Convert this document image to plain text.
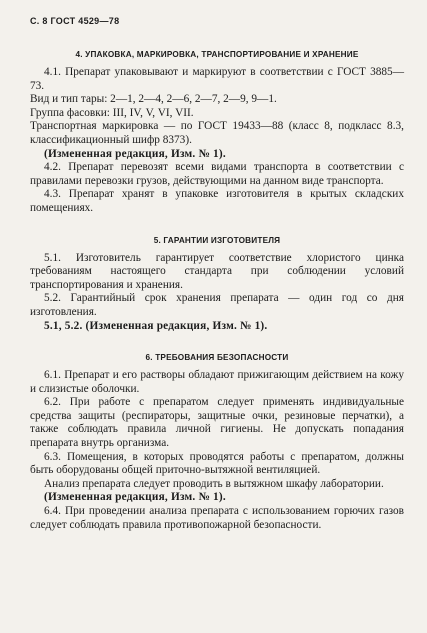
С. 8 ГОСТ 4529—78
4. УПАКОВКА, МАРКИРОВКА, ТРАНСПОРТИРОВАНИЕ И ХРАНЕНИЕ

4.1. Препарат упаковывают и маркируют в соответствии с ГОСТ 3885—73.

Вид и тип тары: 2—1, 2—4, 2—6, 2—7, 2—9, 9—1.

Группа фасовки: III, IV, V, VI, VII.

Транспортная маркировка — по ГОСТ 19433—88 (класс 8, подкласс 8.3, классификационный шифр 8373).

(Измененная редакция, Изм. № 1).

4.2. Препарат перевозят всеми видами транспорта в соответствии с правилами перевозки грузов, действующими на данном виде транспорта.

4.3. Препарат хранят в упаковке изготовителя в крытых складских помещениях.

5. ГАРАНТИИ ИЗГОТОВИТЕЛЯ

5.1. Изготовитель гарантирует соответствие хлористого цинка требованиям настоящего стандарта при соблюдении условий транспортирования и хранения.

5.2. Гарантийный срок хранения препарата — один год со дня изготовления.

5.1, 5.2. (Измененная редакция, Изм. № 1).

6. ТРЕБОВАНИЯ БЕЗОПАСНОСТИ

6.1. Препарат и его растворы обладают прижигающим действием на кожу и слизистые оболочки.

6.2. При работе с препаратом следует применять индивидуальные средства защиты (респираторы, защитные очки, резиновые перчатки), а также соблюдать правила личной гигиены. Не допускать попадания препарата внутрь организма.

6.3. Помещения, в которых проводятся работы с препаратом, должны быть оборудованы общей приточно-вытяжной вентиляцией.

Анализ препарата следует проводить в вытяжном шкафу лаборатории.

(Измененная редакция, Изм. № 1).

6.4. При проведении анализа препарата с использованием горючих газов следует соблюдать правила противопожарной безопасности.
